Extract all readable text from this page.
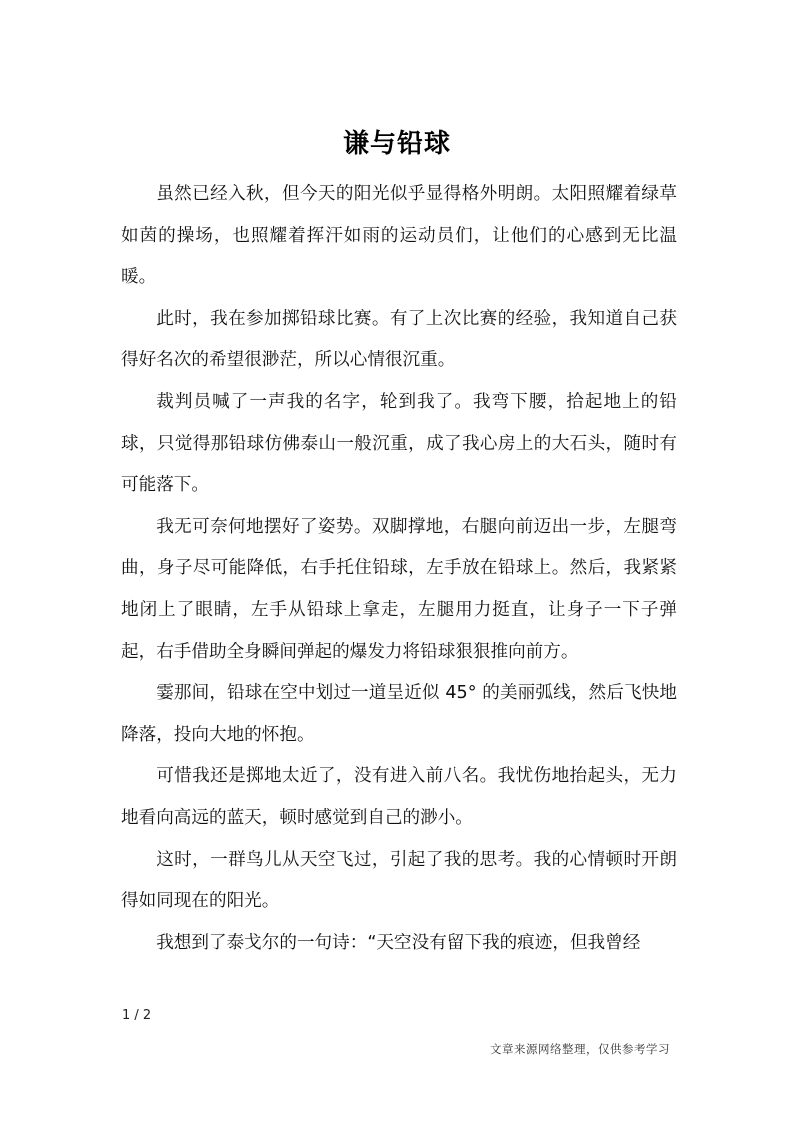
谦与铅球

虽然已经入秋，但今天的阳光似乎显得格外明朗。太阳照耀着绿草如茵的操场，也照耀着挥汗如雨的运动员们，让他们的心感到无比温暖。

此时，我在参加掷铅球比赛。有了上次比赛的经验，我知道自己获得好名次的希望很渺茫，所以心情很沉重。

裁判员喊了一声我的名字，轮到我了。我弯下腰，拾起地上的铅球，只觉得那铅球仿佛泰山一般沉重，成了我心房上的大石头，随时有可能落下。

我无可奈何地摆好了姿势。双脚撑地，右腿向前迈出一步，左腿弯曲，身子尽可能降低，右手托住铅球，左手放在铅球上。然后，我紧紧地闭上了眼睛，左手从铅球上拿走，左腿用力挺直，让身子一下子弹起，右手借助全身瞬间弹起的爆发力将铅球狠狠推向前方。

霎那间，铅球在空中划过一道呈近似 45° 的美丽弧线，然后飞快地降落，投向大地的怀抱。

可惜我还是掷地太近了，没有进入前八名。我忧伤地抬起头，无力地看向高远的蓝天，顿时感觉到自己的渺小。

这时，一群鸟儿从天空飞过，引起了我的思考。我的心情顿时开朗得如同现在的阳光。

我想到了泰戈尔的一句诗：“天空没有留下我的痕迹，但我曾经

1 / 2
文章来源网络整理，仅供参考学习
